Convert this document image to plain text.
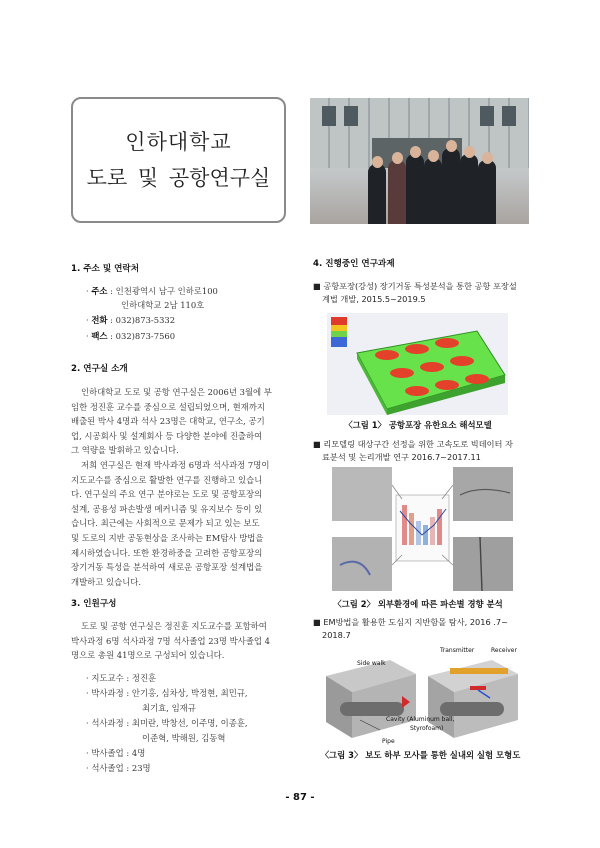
인하대학교
도로 및 공항연구실
1. 주소 및 연락처
· 주소 : 인천광역시 남구 인하로100
인하대학교 2남 110호
· 전화 : 032)873-5332
· 팩스 : 032)873-7560
2. 연구실 소개
인하대학교 도로 및 공항 연구실은 2006년 3월에 부
임한 정진훈 교수를 중심으로 설립되었으며, 현재까지
배출된 박사 4명과 석사 23명은 대학교, 연구소, 공기
업, 시공회사 및 설계회사 등 다양한 분야에 진출하여
그 역량을 발휘하고 있습니다.
저희 연구실은 현재 박사과정 6명과 석사과정 7명이
지도교수를 중심으로 활발한 연구를 진행하고 있습니
다. 연구실의 주요 연구 분야로는 도로 및 공항포장의
설계, 공용성 파손발생 메커니즘 및 유지보수 등이 있
습니다. 최근에는 사회적으로 문제가 되고 있는 보도
및 도로의 지반 공동현상을 조사하는 EM탐사 방법을
제시하였습니다. 또한 환경하중을 고려한 공항포장의
장기거동 특성을 분석하여 새로운 공항포장 설계법을
개발하고 있습니다.
3. 인원구성
도로 및 공항 연구실은 정진훈 지도교수를 포함하여
박사과정 6명 석사과정 7명 석사졸업 23명 박사졸업 4
명으로 총원 41명으로 구성되어 있습니다.
· 지도교수 : 정진훈
· 박사과정 : 안기홍, 심차상, 박정현, 최민규,
최기효, 임재규
· 석사과정 : 최미란, 박창선, 이주명, 이종훈,
이준혁, 박해원, 김동혁
· 박사졸업 : 4명
· 석사졸업 : 23명
4. 진행중인 연구과제
■ 공항포장(강성) 장기거동 특성분석을 통한 공항 포장설
계법 개발, 2015.5~2019.5
〈그림 1〉 공항포장 유한요소 해석모델
■ 리모델링 대상구간 선정을 위한 고속도로 빅데이터 자
료분석 및 논리개발 연구 2016.7~2017.11
〈그림 2〉 외부환경에 따른 파손별 경향 분석
■ EM방법을 활용한 도심지 지반함몰 탐사, 2016 .7~
2018.7
Side walk
Transmitter	Receiver
Cavity (Aluminum ball,
Styrofoam)
Pipe
〈그림 3〉 보도 하부 모사를 통한 실내외 실험 모형도
- 87 -
